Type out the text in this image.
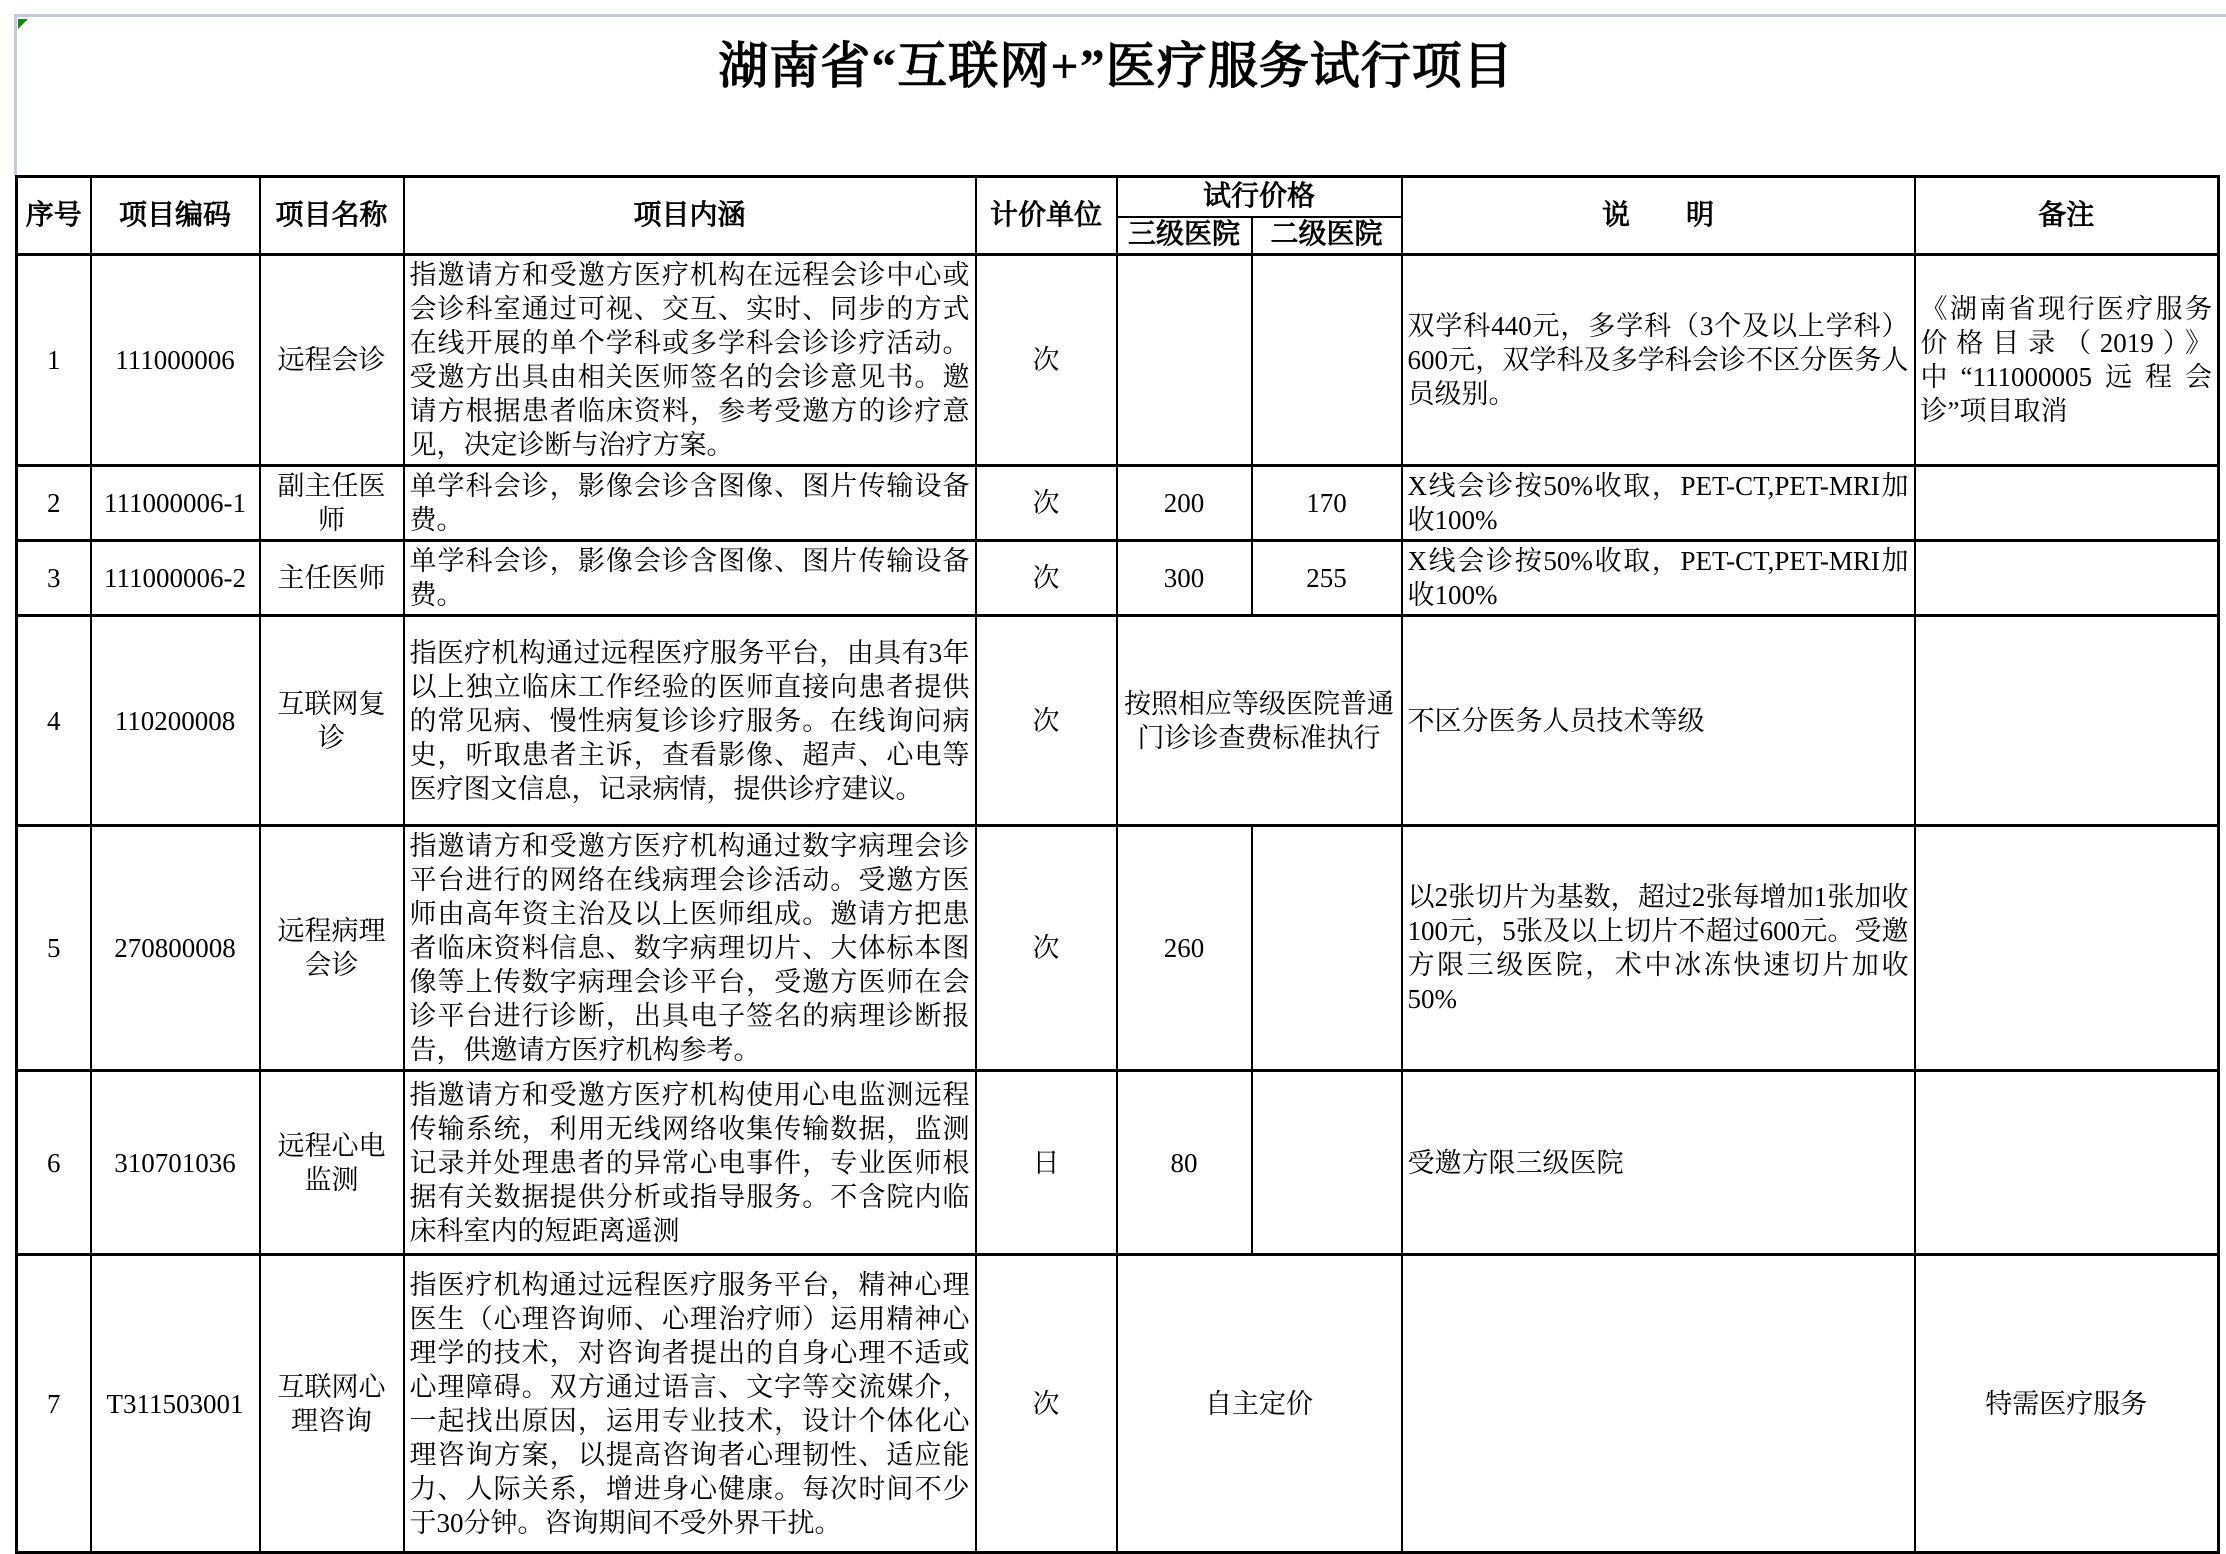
湖南省“互联网+”医疗服务试行项目
序号	项目编码	项目名称	项目内涵	计价单位	试行价格		说　　明	备注
					三级医院	二级医院		
1	111000006	远程会诊	指邀请方和受邀方医疗机构在远程会诊中心或会诊科室通过可视、交互、实时、同步的方式在线开展的单个学科或多学科会诊诊疗活动。受邀方出具由相关医师签名的会诊意见书。邀请方根据患者临床资料，参考受邀方的诊疗意见，决定诊断与治疗方案。	次			双学科440元，多学科（3个及以上学科）600元，双学科及多学科会诊不区分医务人员级别。	《湖南省现行医疗服务价格目录（2019）》中“111000005远程会诊”项目取消
2	111000006-1	副主任医师	单学科会诊，影像会诊含图像、图片传输设备费。	次	200	170	X线会诊按50%收取，PET-CT,PET-MRI加收100%	
3	111000006-2	主任医师	单学科会诊，影像会诊含图像、图片传输设备费。	次	300	255	X线会诊按50%收取，PET-CT,PET-MRI加收100%	
4	110200008	互联网复诊	指医疗机构通过远程医疗服务平台，由具有3年以上独立临床工作经验的医师直接向患者提供的常见病、慢性病复诊诊疗服务。在线询问病史，听取患者主诉，查看影像、超声、心电等医疗图文信息，记录病情，提供诊疗建议。	次	按照相应等级医院普通门诊诊查费标准执行		不区分医务人员技术等级	
5	270800008	远程病理会诊	指邀请方和受邀方医疗机构通过数字病理会诊平台进行的网络在线病理会诊活动。受邀方医师由高年资主治及以上医师组成。邀请方把患者临床资料信息、数字病理切片、大体标本图像等上传数字病理会诊平台，受邀方医师在会诊平台进行诊断，出具电子签名的病理诊断报告，供邀请方医疗机构参考。	次	260		以2张切片为基数，超过2张每增加1张加收100元，5张及以上切片不超过600元。受邀方限三级医院，术中冰冻快速切片加收50%	
6	310701036	远程心电监测	指邀请方和受邀方医疗机构使用心电监测远程传输系统，利用无线网络收集传输数据，监测记录并处理患者的异常心电事件，专业医师根据有关数据提供分析或指导服务。不含院内临床科室内的短距离遥测	日	80		受邀方限三级医院	
7	T311503001	互联网心理咨询	指医疗机构通过远程医疗服务平台，精神心理医生（心理咨询师、心理治疗师）运用精神心理学的技术，对咨询者提出的自身心理不适或心理障碍。双方通过语言、文字等交流媒介，一起找出原因，运用专业技术，设计个体化心理咨询方案，以提高咨询者心理韧性、适应能力、人际关系，增进身心健康。每次时间不少于30分钟。咨询期间不受外界干扰。	次	自主定价			特需医疗服务
